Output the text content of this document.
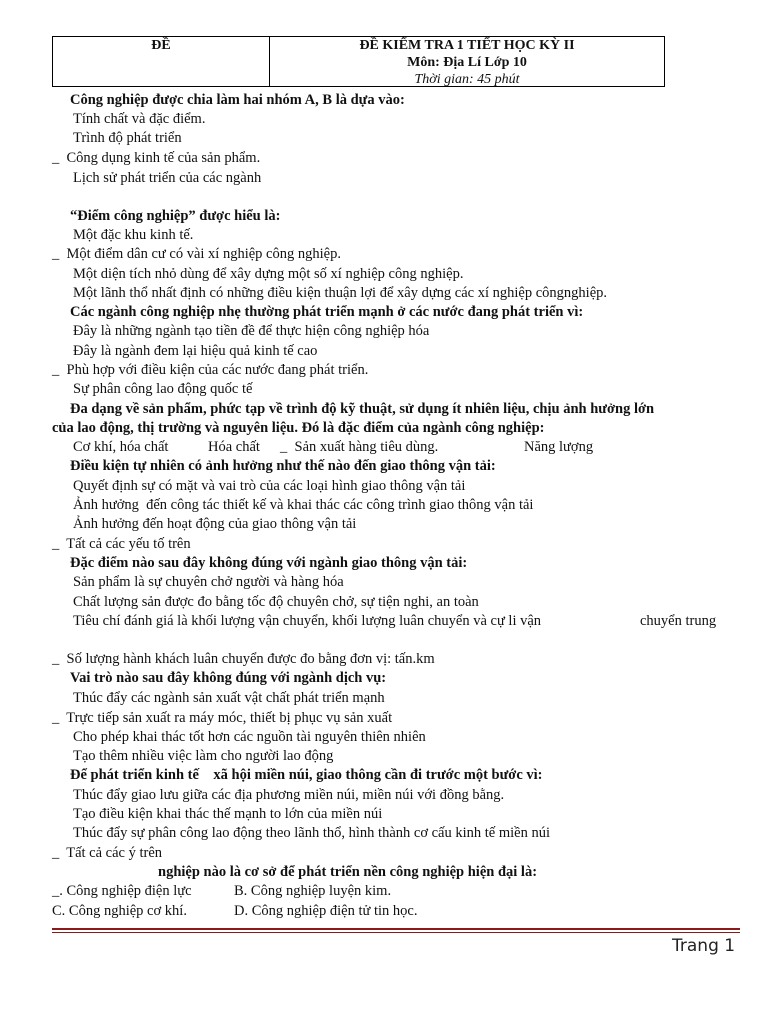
ĐỀ	ĐỀ KIỂM TRA 1 TIẾT HỌC KỲ II
Môn: Địa Lí Lớp 10
Thời gian: 45 phút
Công nghiệp được chia làm hai nhóm A, B là dựa vào:
Tính chất và đặc điểm.
Trình độ phát triển
_  Công dụng kinh tế của sản phẩm.
Lịch sử phát triển của các ngành
“Điểm công nghiệp” được hiểu là:
Một đặc khu kinh tế.
_  Một điểm dân cư có vài xí nghiệp công nghiệp.
Một diện tích nhỏ dùng để xây dựng một số xí nghiệp công nghiệp.
Một lãnh thổ nhất định có những điều kiện thuận lợi để xây dựng các xí nghiệp côngnghiệp.
Các ngành công nghiệp nhẹ thường phát triển mạnh ở các nước đang phát triển vì:
Đây là những ngành tạo tiền đề để thực hiện công nghiệp hóa
Đây là ngành đem lại hiệu quả kinh tế cao
_  Phù hợp với điều kiện của các nước đang phát triển.
Sự phân công lao động quốc tế
Đa dạng về sản phẩm, phức tạp về trình độ kỹ thuật, sử dụng ít nhiên liệu, chịu ảnh hưởng lớn
của lao động, thị trường và nguyên liệu. Đó là đặc điểm của ngành công nghiệp:

Cơ khí, hóa chất

	Hóa chất

_  Sản xuất hàng tiêu dùng.

	Năng lượng

Điều kiện tự nhiên có ảnh hưởng như thế nào đến giao thông vận tải:
Quyết định sự có mặt và vai trò của các loại hình giao thông vận tải
Ảnh hưởng  đến công tác thiết kế và khai thác các công trình giao thông vận tải
Ảnh hưởng đến hoạt động của giao thông vận tải
_  Tất cả các yếu tố trên
Đặc điểm nào sau đây không đúng với ngành giao thông vận tải:
Sản phẩm là sự chuyên chở người và hàng hóa
Chất lượng sản được đo bằng tốc độ chuyên chở, sự tiện nghi, an toàn
Tiêu chí đánh giá là khối lượng vận chuyển, khối lượng luân chuyển và cự li vận	chuyển trung
_  Số lượng hành khách luân chuyển được đo bằng đơn vị: tấn.km
Vai trò nào sau đây không đúng với ngành dịch vụ:
Thúc đẩy các ngành sản xuất vật chất phát triển mạnh
_  Trực tiếp sản xuất ra máy móc, thiết bị phục vụ sản xuất
Cho phép khai thác tốt hơn các nguồn tài nguyên thiên nhiên
Tạo thêm nhiều việc làm cho người lao động
Để phát triển kinh tế    xã hội miền núi, giao thông cần đi trước một bước vì:
Thúc đẩy giao lưu giữa các địa phương miền núi, miền núi với đồng bằng.
Tạo điều kiện khai thác thế mạnh to lớn của miền núi
Thúc đẩy sự phân công lao động theo lãnh thổ, hình thành cơ cấu kinh tế miền núi
_  Tất cả các ý trên
nghiệp nào là cơ sở để phát triển nền công nghiệp hiện đại là:
_. Công nghiệp điện lực	B. Công nghiệp luyện kim.
C. Công nghiệp cơ khí.	D. Công nghiệp điện tử tin học.
Trang 1
